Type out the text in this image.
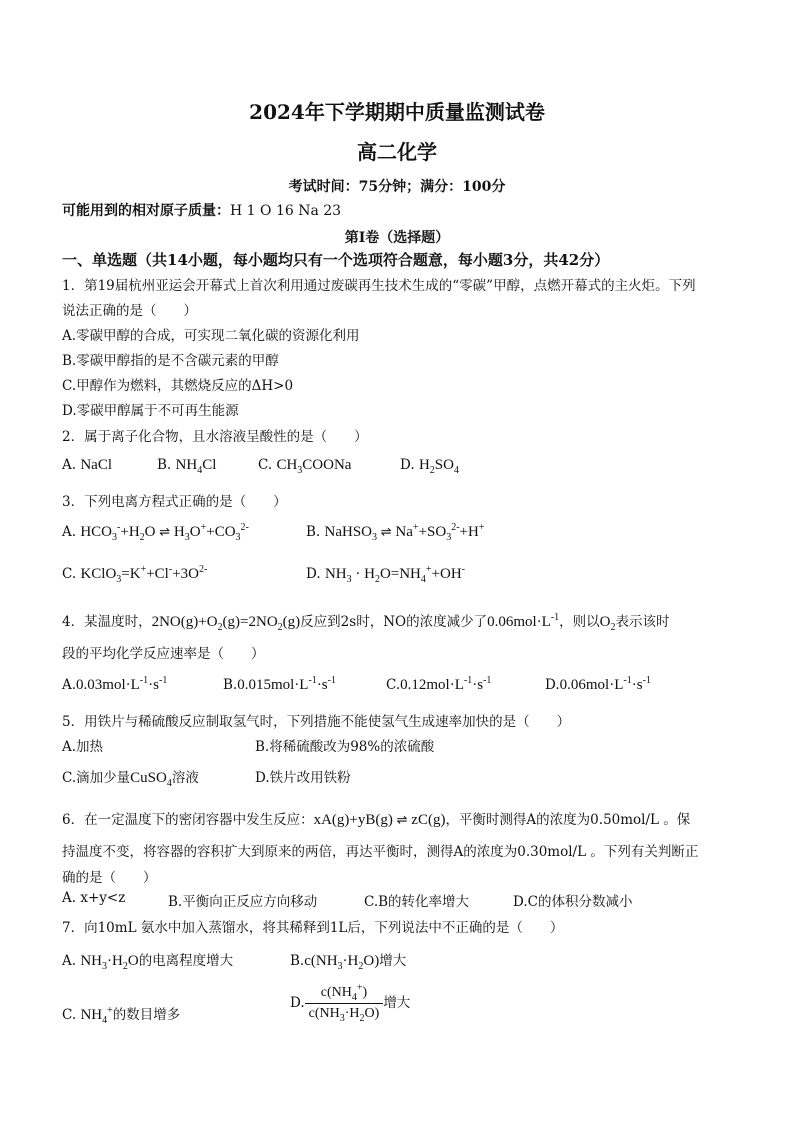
2024年下学期期中质量监测试卷
高二化学
考试时间：75分钟；满分：100分
可能用到的相对原子质量：H 1 O 16 Na 23
第I卷（选择题）
一、单选题（共14小题，每小题均只有一个选项符合题意，每小题3分，共42分）
1．第19届杭州亚运会开幕式上首次利用通过废碳再生技术生成的“零碳”甲醇，点燃开幕式的主火炬。下列
说法正确的是（　　）
A.零碳甲醇的合成，可实现二氧化碳的资源化利用
B.零碳甲醇指的是不含碳元素的甲醇
C.甲醇作为燃料，其燃烧反应的ΔH>0
D.零碳甲醇属于不可再生能源
2．属于离子化合物，且水溶液呈酸性的是（　　）
A. NaCl	B. $NH_4Cl$	C. $CH_3COONa$	D. $H_2SO_4$
3．下列电离方程式正确的是（　　）
A. $HCO_3^-+H_2O$ ⇌ $H_3O^++CO_3^{2-}$	B. NaHSO$_3$ ⇌ $Na^++SO_3^{2-}+H^+$
C. $KClO_3=K^++Cl^-+3O^{2-}$	D. $NH_3 \cdot H_2O=NH_4^++OH^-$
4．某温度时，$2NO(g)+O_2(g)=2NO_2(g)$反应到2s时，NO的浓度减少了$0.06mol\cdot L^{-1}$，则以$O_2$表示该时
段的平均化学反应速率是（　　）
$A.0.03mol\cdot L^{-1}\cdot s^{-1}$	$B.0.015mol\cdot L^{-1}\cdot s^{-1}$	$C.0.12mol\cdot L^{-1}\cdot s^{-1}$	$D.0.06mol\cdot L^{-1}\cdot s^{-1}$
5．用铁片与稀硫酸反应制取氢气时，下列措施不能使氢气生成速率加快的是（　　）
A.加热	B.将稀硫酸改为98%的浓硫酸
C.滴加少量CuSO$_4$溶液	D.铁片改用铁粉
6．在一定温度下的密闭容器中发生反应：xA(g)+yB(g) ⇌ zC(g)，平衡时测得A的浓度为0.50mol/L 。保
持温度不变，将容器的容积扩大到原来的两倍，再达平衡时，测得A的浓度为0.30mol/L 。下列有关判断正
确的是（　　）
A. x+y<z	B.平衡向正反应方向移动	C.B的转化率增大	D.C的体积分数减小
7．向10mL 氨水中加入蒸馏水，将其稀释到1L后，下列说法中不正确的是（　　）
A. $NH_3\cdot H_2O$的电离程度增大	$B.c(NH_3\cdot H_2O)$增大
C. $NH_4^+$的数目增多
D. $\frac{c(NH_4^+)}{c(NH_3\cdot H_2O)}$ 增大
